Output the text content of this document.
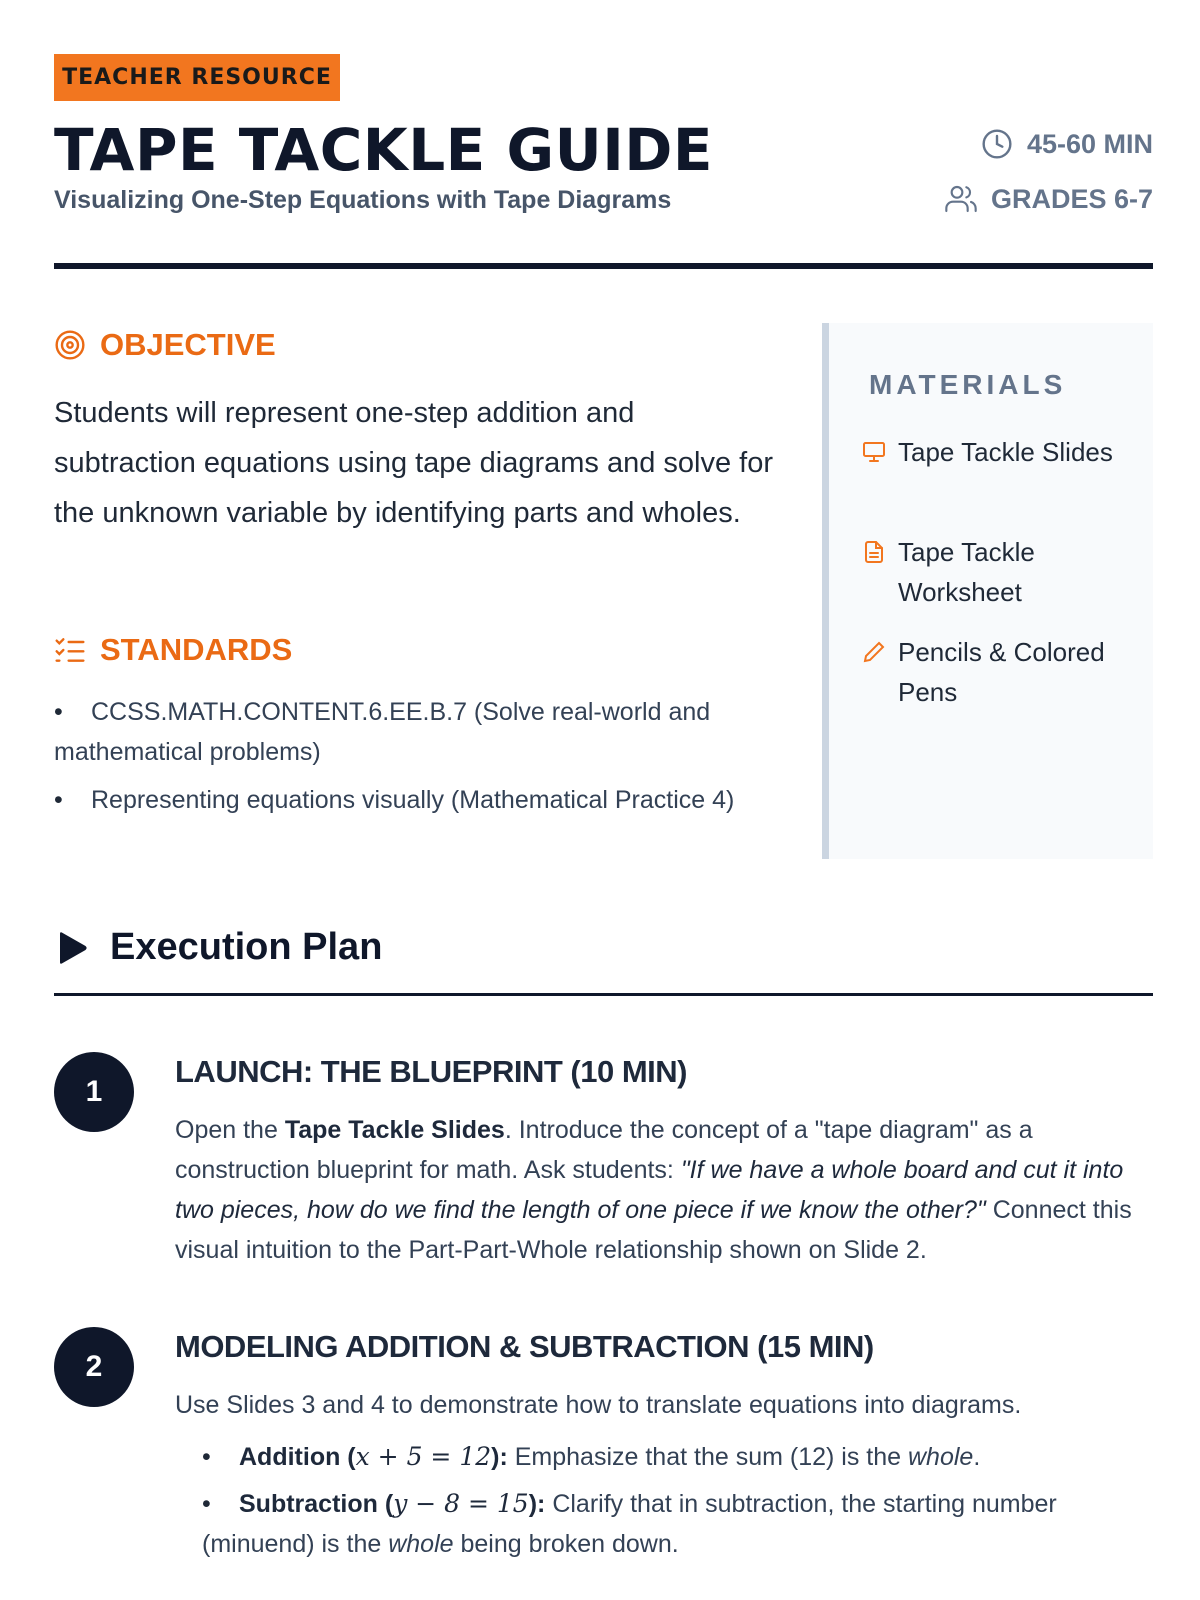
TEACHER RESOURCE
TAPE TACKLE GUIDE
Visualizing One-Step Equations with Tape Diagrams
45-60 MIN
GRADES 6-7
OBJECTIVE

Students will represent one-step addition and subtraction equations using tape diagrams and solve for the unknown variable by identifying parts and wholes.

STANDARDS
• CCSS.MATH.CONTENT.6.EE.B.7 (Solve real-world and mathematical problems)
• Representing equations visually (Mathematical Practice 4)
MATERIALS
Tape Tackle Slides
Tape Tackle Worksheet
Pencils & Colored Pens
Execution Plan
1
LAUNCH: THE BLUEPRINT (10 MIN)

Open the Tape Tackle Slides. Introduce the concept of a "tape diagram" as a construction blueprint for math. Ask students: "If we have a whole board and cut it into two pieces, how do we find the length of one piece if we know the other?" Connect this visual intuition to the Part-Part-Whole relationship shown on Slide 2.

2
MODELING ADDITION & SUBTRACTION (15 MIN)

Use Slides 3 and 4 to demonstrate how to translate equations into diagrams.

• Addition (x + 5 = 12): Emphasize that the sum (12) is the whole.
• Subtraction (y − 8 = 15): Clarify that in subtraction, the starting number (minuend) is the whole being broken down.
